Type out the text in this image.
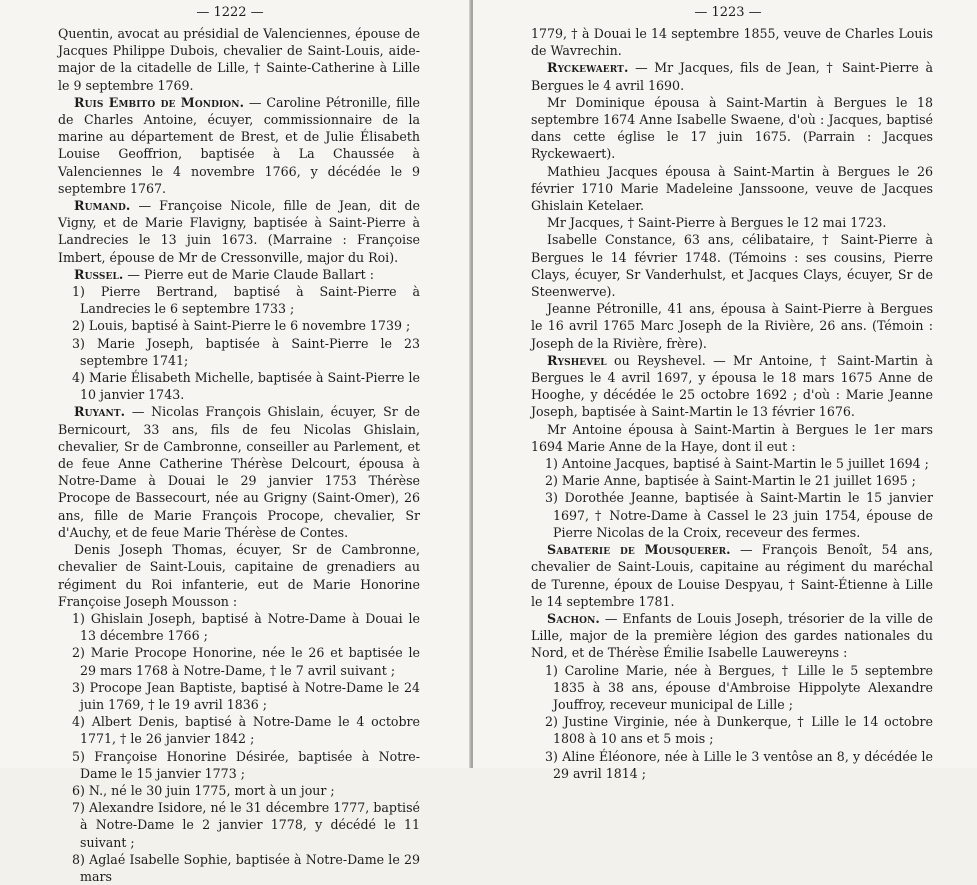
— 1222 —

Quentin, avocat au présidial de Valenciennes, épouse de Jacques Philippe Dubois, chevalier de Saint-Louis, aide-major de la citadelle de Lille, † Sainte-Catherine à Lille le 9 septembre 1769.

Ruis Embito de Mondion. — Caroline Pétronille, fille de Charles Antoine, écuyer, commissionnaire de la marine au département de Brest, et de Julie Élisabeth Louise Geoffrion, baptisée à La Chaussée à Valenciennes le 4 novembre 1766, y décédée le 9 septembre 1767.

Rumand. — Françoise Nicole, fille de Jean, dit de Vigny, et de Marie Flavigny, baptisée à Saint-Pierre à Landrecies le 13 juin 1673. (Marraine : Françoise Imbert, épouse de Mr de Cressonville, major du Roi).

Russel. — Pierre eut de Marie Claude Ballart :

1) Pierre Bertrand, baptisé à Saint-Pierre à Landrecies le 6 septembre 1733 ;

2) Louis, baptisé à Saint-Pierre le 6 novembre 1739 ;

3) Marie Joseph, baptisée à Saint-Pierre le 23 septembre 1741;

4) Marie Élisabeth Michelle, baptisée à Saint-Pierre le 10 janvier 1743.

Ruyant. — Nicolas François Ghislain, écuyer, Sr de Bernicourt, 33 ans, fils de feu Nicolas Ghislain, chevalier, Sr de Cambronne, conseiller au Parlement, et de feue Anne Catherine Thérèse Delcourt, épousa à Notre-Dame à Douai le 29 janvier 1753 Thérèse Procope de Bassecourt, née au Grigny (Saint-Omer), 26 ans, fille de Marie François Procope, chevalier, Sr d'Auchy, et de feue Marie Thérèse de Contes.

Denis Joseph Thomas, écuyer, Sr de Cambronne, chevalier de Saint-Louis, capitaine de grenadiers au régiment du Roi infanterie, eut de Marie Honorine Françoise Joseph Mousson :

1) Ghislain Joseph, baptisé à Notre-Dame à Douai le 13 décembre 1766 ;

2) Marie Procope Honorine, née le 26 et baptisée le 29 mars 1768 à Notre-Dame, † le 7 avril suivant ;

3) Procope Jean Baptiste, baptisé à Notre-Dame le 24 juin 1769, † le 19 avril 1836 ;

4) Albert Denis, baptisé à Notre-Dame le 4 octobre 1771, † le 26 janvier 1842 ;

5) Françoise Honorine Désirée, baptisée à Notre-Dame le 15 janvier 1773 ;

6) N., né le 30 juin 1775, mort à un jour ;

7) Alexandre Isidore, né le 31 décembre 1777, baptisé à Notre-Dame le 2 janvier 1778, y décédé le 11 suivant ;

8) Aglaé Isabelle Sophie, baptisée à Notre-Dame le 29 mars

— 1223 —

1779, † à Douai le 14 septembre 1855, veuve de Charles Louis de Wavrechin.

Ryckewaert. — Mr Jacques, fils de Jean, † Saint-Pierre à Bergues le 4 avril 1690.

Mr Dominique épousa à Saint-Martin à Bergues le 18 septembre 1674 Anne Isabelle Swaene, d'où : Jacques, baptisé dans cette église le 17 juin 1675. (Parrain : Jacques Ryckewaert).

Mathieu Jacques épousa à Saint-Martin à Bergues le 26 février 1710 Marie Madeleine Janssoone, veuve de Jacques Ghislain Ketelaer.

Mr Jacques, † Saint-Pierre à Bergues le 12 mai 1723.

Isabelle Constance, 63 ans, célibataire, † Saint-Pierre à Bergues le 14 février 1748. (Témoins : ses cousins, Pierre Clays, écuyer, Sr Vanderhulst, et Jacques Clays, écuyer, Sr de Steenwerve).

Jeanne Pétronille, 41 ans, épousa à Saint-Pierre à Bergues le 16 avril 1765 Marc Joseph de la Rivière, 26 ans. (Témoin : Joseph de la Rivière, frère).

Ryshevel ou Reyshevel. — Mr Antoine, † Saint-Martin à Bergues le 4 avril 1697, y épousa le 18 mars 1675 Anne de Hooghe, y décédée le 25 octobre 1692 ; d'où : Marie Jeanne Joseph, baptisée à Saint-Martin le 13 février 1676.

Mr Antoine épousa à Saint-Martin à Bergues le 1er mars 1694 Marie Anne de la Haye, dont il eut :

1) Antoine Jacques, baptisé à Saint-Martin le 5 juillet 1694 ;

2) Marie Anne, baptisée à Saint-Martin le 21 juillet 1695 ;

3) Dorothée Jeanne, baptisée à Saint-Martin le 15 janvier 1697, † Notre-Dame à Cassel le 23 juin 1754, épouse de Pierre Nicolas de la Croix, receveur des fermes.

Sabaterie de Mousquerer. — François Benoît, 54 ans, chevalier de Saint-Louis, capitaine au régiment du maréchal de Turenne, époux de Louise Despyau, † Saint-Étienne à Lille le 14 septembre 1781.

Sachon. — Enfants de Louis Joseph, trésorier de la ville de Lille, major de la première légion des gardes nationales du Nord, et de Thérèse Émilie Isabelle Lauwereyns :

1) Caroline Marie, née à Bergues, † Lille le 5 septembre 1835 à 38 ans, épouse d'Ambroise Hippolyte Alexandre Jouffroy, receveur municipal de Lille ;

2) Justine Virginie, née à Dunkerque, † Lille le 14 octobre 1808 à 10 ans et 5 mois ;

3) Aline Éléonore, née à Lille le 3 ventôse an 8, y décédée le 29 avril 1814 ;
